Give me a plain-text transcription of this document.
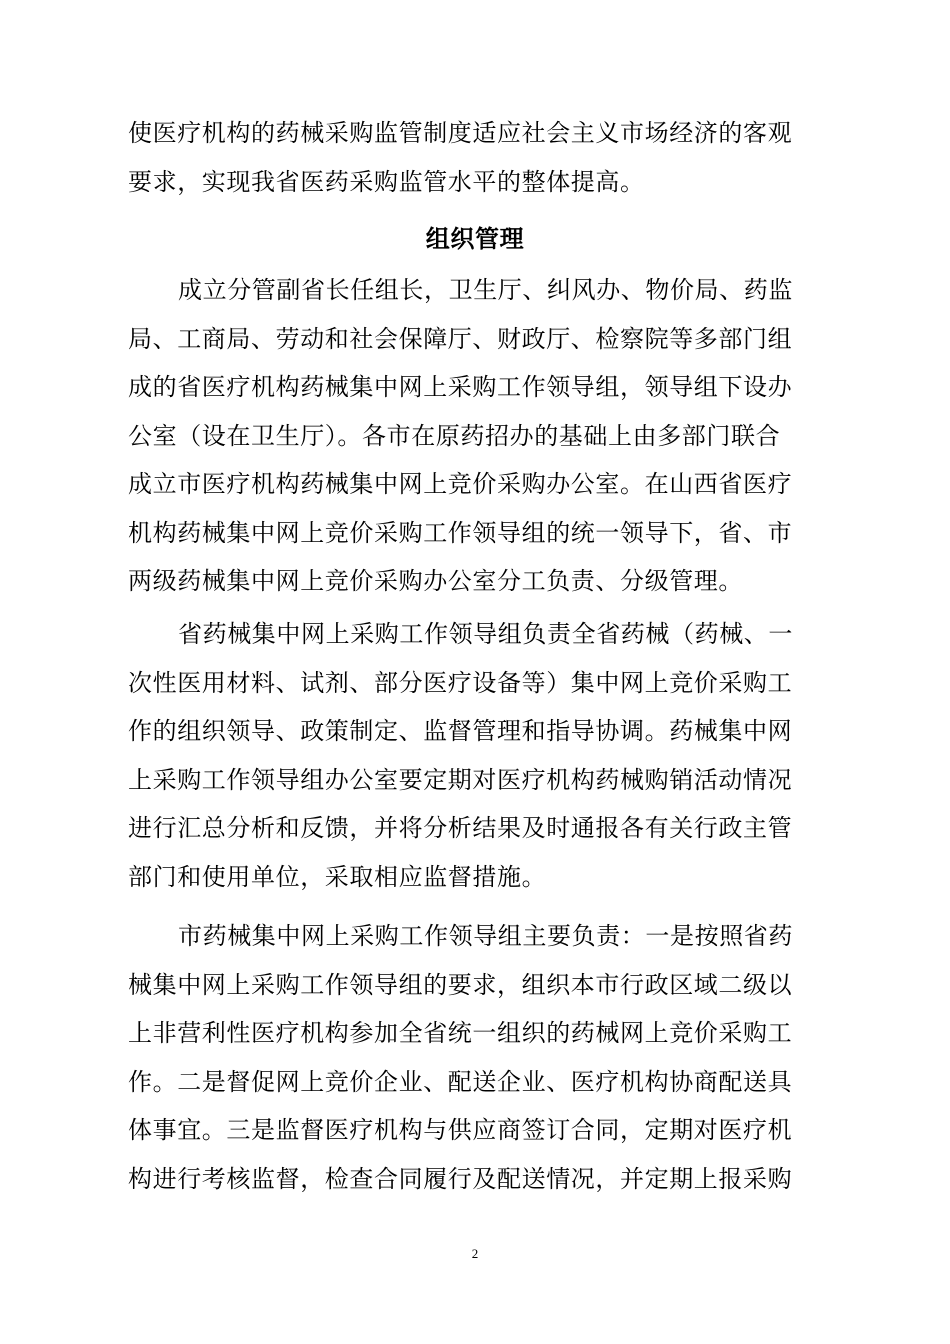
使医疗机构的药械采购监管制度适应社会主义市场经济的客观
要求，实现我省医药采购监管水平的整体提高。
组织管理
成立分管副省长任组长，卫生厅、纠风办、物价局、药监
局、工商局、劳动和社会保障厅、财政厅、检察院等多部门组
成的省医疗机构药械集中网上采购工作领导组，领导组下设办
公室（设在卫生厅）。各市在原药招办的基础上由多部门联合
成立市医疗机构药械集中网上竞价采购办公室。在山西省医疗
机构药械集中网上竞价采购工作领导组的统一领导下，省、市
两级药械集中网上竞价采购办公室分工负责、分级管理。
省药械集中网上采购工作领导组负责全省药械（药械、一
次性医用材料、试剂、部分医疗设备等）集中网上竞价采购工
作的组织领导、政策制定、监督管理和指导协调。药械集中网
上采购工作领导组办公室要定期对医疗机构药械购销活动情况
进行汇总分析和反馈，并将分析结果及时通报各有关行政主管
部门和使用单位，采取相应监督措施。
市药械集中网上采购工作领导组主要负责：一是按照省药
械集中网上采购工作领导组的要求，组织本市行政区域二级以
上非营利性医疗机构参加全省统一组织的药械网上竞价采购工
作。二是督促网上竞价企业、配送企业、医疗机构协商配送具
体事宜。三是监督医疗机构与供应商签订合同，定期对医疗机
构进行考核监督，检查合同履行及配送情况，并定期上报采购
2
